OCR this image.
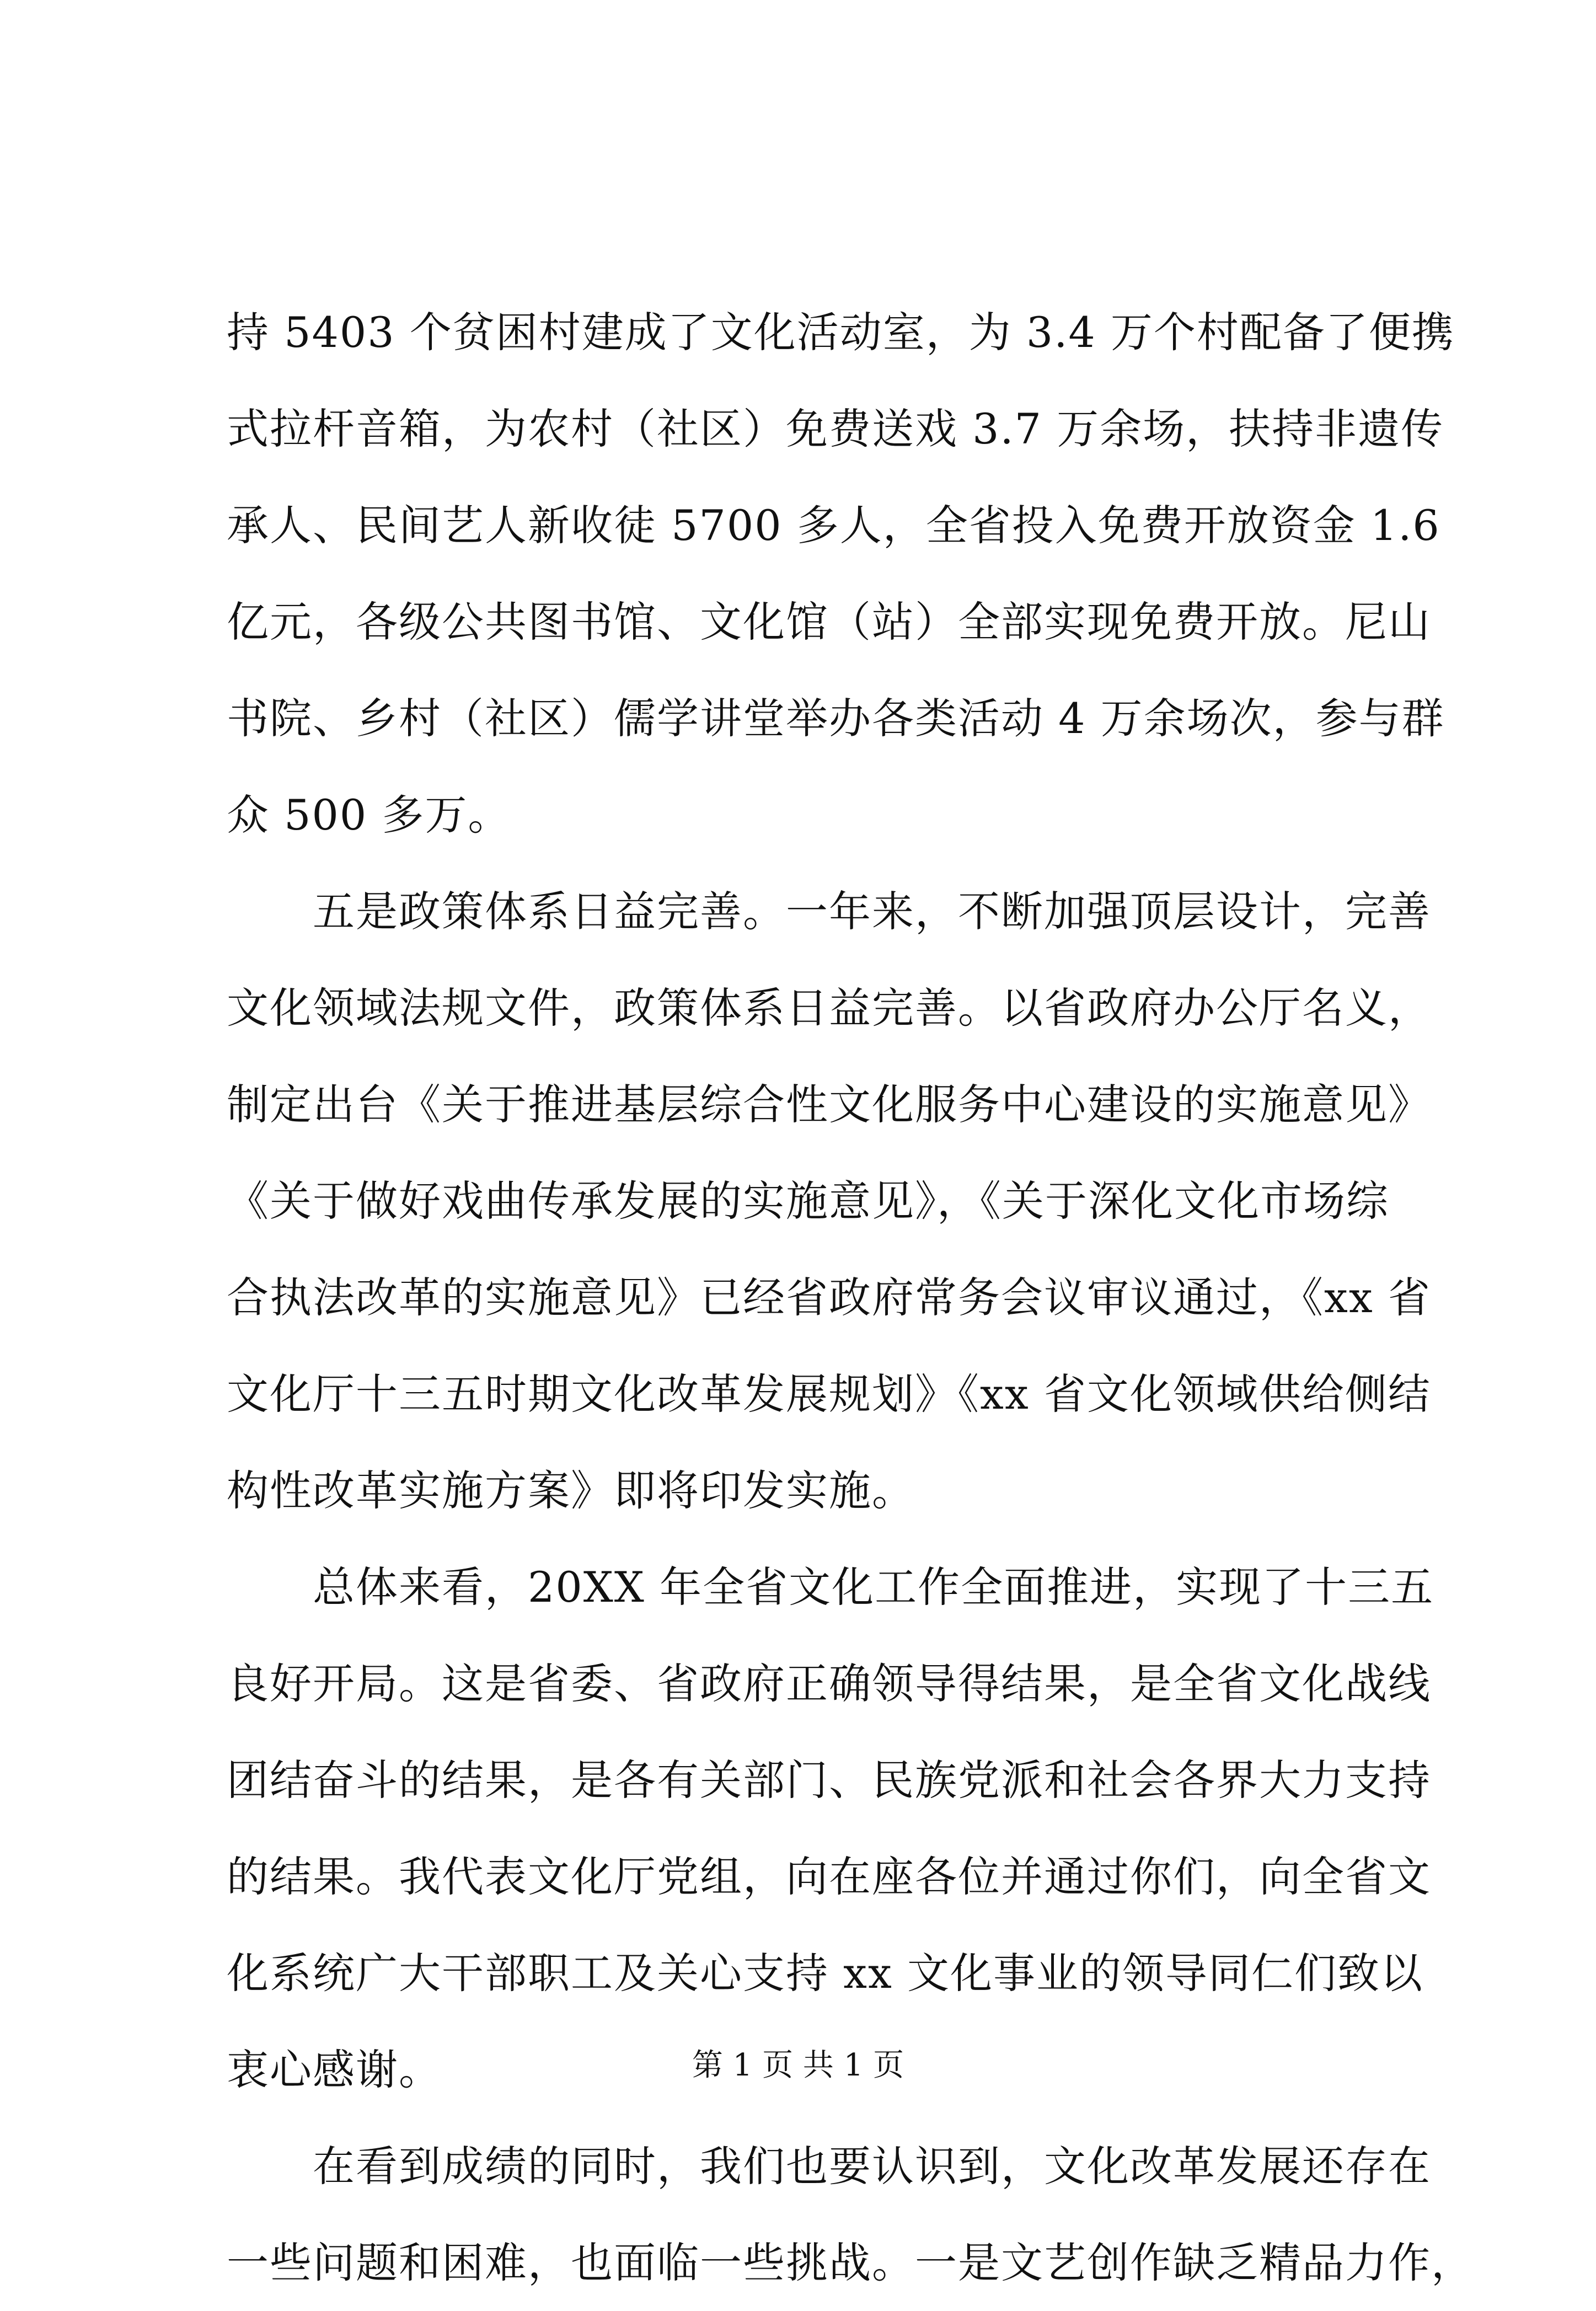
持 5403 个贫困村建成了文化活动室，为 3.4 万个村配备了便携
式拉杆音箱，为农村（社区）免费送戏 3.7 万余场，扶持非遗传
承人、民间艺人新收徒 5700 多人，全省投入免费开放资金 1.6
亿元，各级公共图书馆、文化馆（站）全部实现免费开放。尼山
书院、乡村（社区）儒学讲堂举办各类活动 4 万余场次，参与群
众 500 多万。
　　五是政策体系日益完善。一年来，不断加强顶层设计，完善
文化领域法规文件，政策体系日益完善。以省政府办公厅名义，
制定出台《关于推进基层综合性文化服务中心建设的实施意见》
《关于做好戏曲传承发展的实施意见》，《关于深化文化市场综
合执法改革的实施意见》已经省政府常务会议审议通过，《xx 省
文化厅十三五时期文化改革发展规划》《xx 省文化领域供给侧结
构性改革实施方案》即将印发实施。
　　总体来看，20XX 年全省文化工作全面推进，实现了十三五
良好开局。这是省委、省政府正确领导得结果，是全省文化战线
团结奋斗的结果，是各有关部门、民族党派和社会各界大力支持
的结果。我代表文化厅党组，向在座各位并通过你们，向全省文
化系统广大干部职工及关心支持 xx 文化事业的领导同仁们致以
衷心感谢。
　　在看到成绩的同时，我们也要认识到，文化改革发展还存在
一些问题和困难，也面临一些挑战。一是文艺创作缺乏精品力作，
第 1 页 共 1 页
